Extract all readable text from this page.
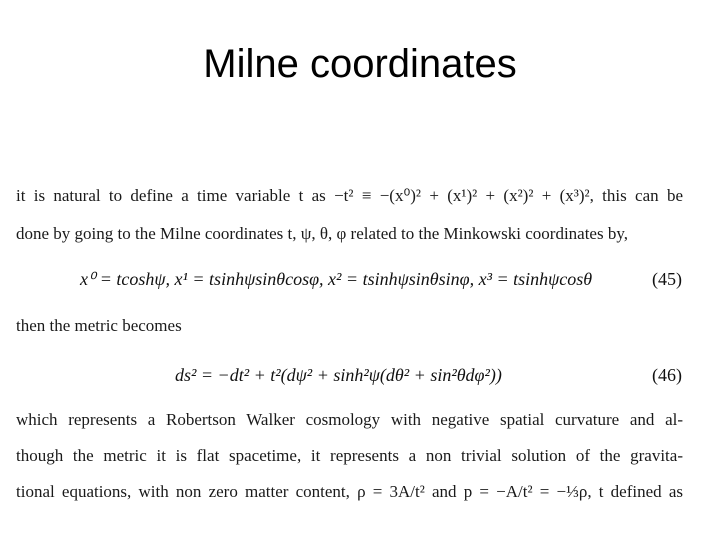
Milne coordinates
it is natural to define a time variable t as −t² ≡ −(x⁰)² + (x¹)² + (x²)² + (x³)², this can be
done by going to the Milne coordinates t, ψ, θ, φ related to the Minkowski coordinates by,
x⁰ = tcoshψ, x¹ = tsinhψsinθcosφ, x² = tsinhψsinθsinφ, x³ = tsinhψcosθ	(45)
then the metric becomes
ds² = −dt² + t²(dψ² + sinh²ψ(dθ² + sin²θdφ²))	(46)
which represents a Robertson Walker cosmology with negative spatial curvature and al-
though the metric it is flat spacetime, it represents a non trivial solution of the gravita-
tional equations, with non zero matter content, ρ = 3A/t² and p = −A/t² = −⅓ρ, t defined as
